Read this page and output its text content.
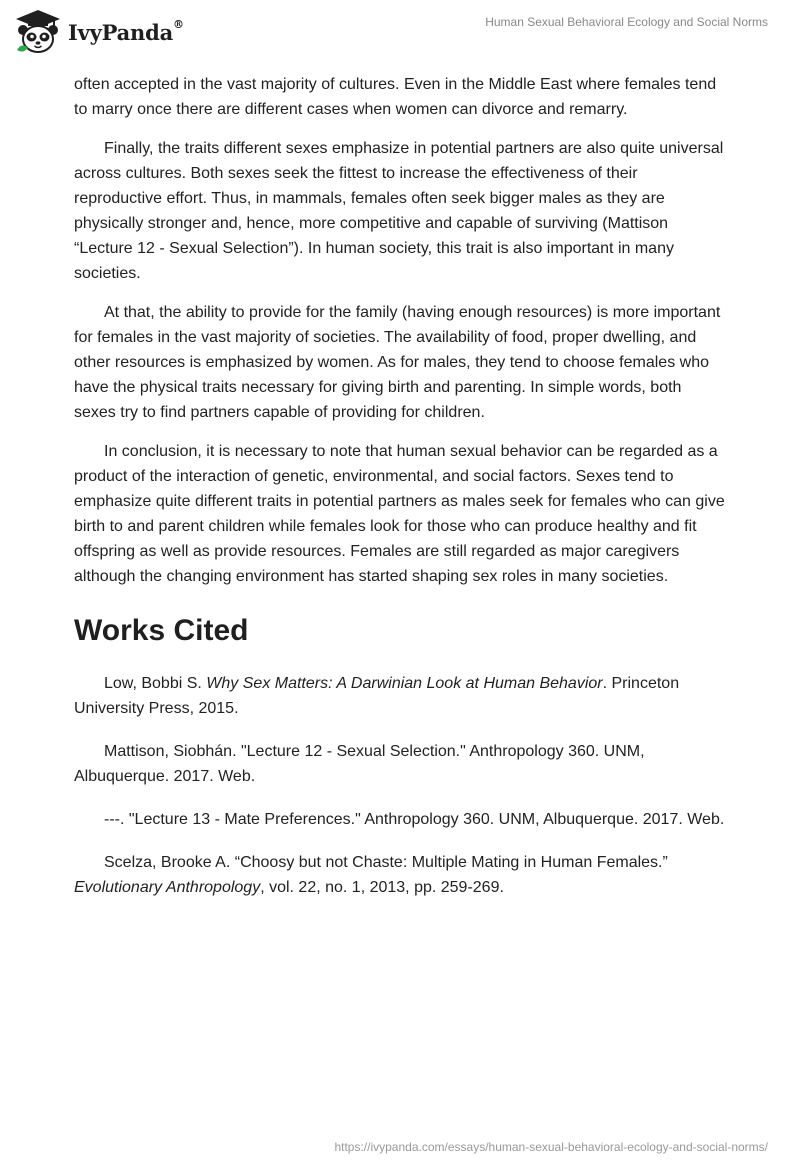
IvyPanda®	Human Sexual Behavioral Ecology and Social Norms

often accepted in the vast majority of cultures. Even in the Middle East where females tend to marry once there are different cases when women can divorce and remarry.

Finally, the traits different sexes emphasize in potential partners are also quite universal across cultures. Both sexes seek the fittest to increase the effectiveness of their reproductive effort. Thus, in mammals, females often seek bigger males as they are physically stronger and, hence, more competitive and capable of surviving (Mattison “Lecture 12 - Sexual Selection”). In human society, this trait is also important in many societies.

At that, the ability to provide for the family (having enough resources) is more important for females in the vast majority of societies. The availability of food, proper dwelling, and other resources is emphasized by women. As for males, they tend to choose females who have the physical traits necessary for giving birth and parenting. In simple words, both sexes try to find partners capable of providing for children.

In conclusion, it is necessary to note that human sexual behavior can be regarded as a product of the interaction of genetic, environmental, and social factors. Sexes tend to emphasize quite different traits in potential partners as males seek for females who can give birth to and parent children while females look for those who can produce healthy and fit offspring as well as provide resources. Females are still regarded as major caregivers although the changing environment has started shaping sex roles in many societies.

Works Cited

Low, Bobbi S. Why Sex Matters: A Darwinian Look at Human Behavior. Princeton University Press, 2015.

Mattison, Siobhán. "Lecture 12 - Sexual Selection." Anthropology 360. UNM, Albuquerque. 2017. Web.

---. "Lecture 13 - Mate Preferences." Anthropology 360. UNM, Albuquerque. 2017. Web.

Scelza, Brooke A. “Choosy but not Chaste: Multiple Mating in Human Females.” Evolutionary Anthropology, vol. 22, no. 1, 2013, pp. 259-269.

https://ivypanda.com/essays/human-sexual-behavioral-ecology-and-social-norms/
